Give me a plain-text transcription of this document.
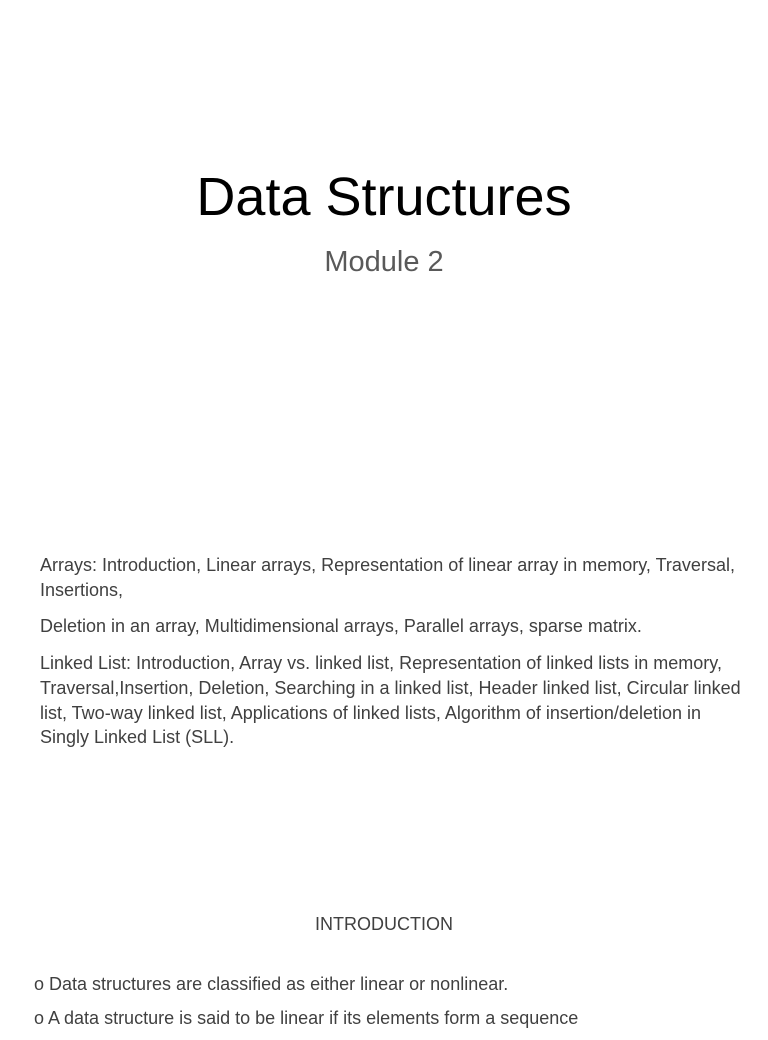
Data Structures
Module 2

Arrays: Introduction, Linear arrays, Representation of linear array in memory, Traversal, Insertions,

Deletion in an array, Multidimensional arrays, Parallel arrays, sparse matrix.

Linked List: Introduction, Array vs. linked list, Representation of linked lists in memory, Traversal,Insertion, Deletion, Searching in a linked list, Header linked list, Circular linked list, Two-way linked list, Applications of linked lists, Algorithm of insertion/deletion in Singly Linked List (SLL).

INTRODUCTION
o Data structures are classified as either linear or nonlinear.
o A data structure is said to be linear if its elements form a sequence
